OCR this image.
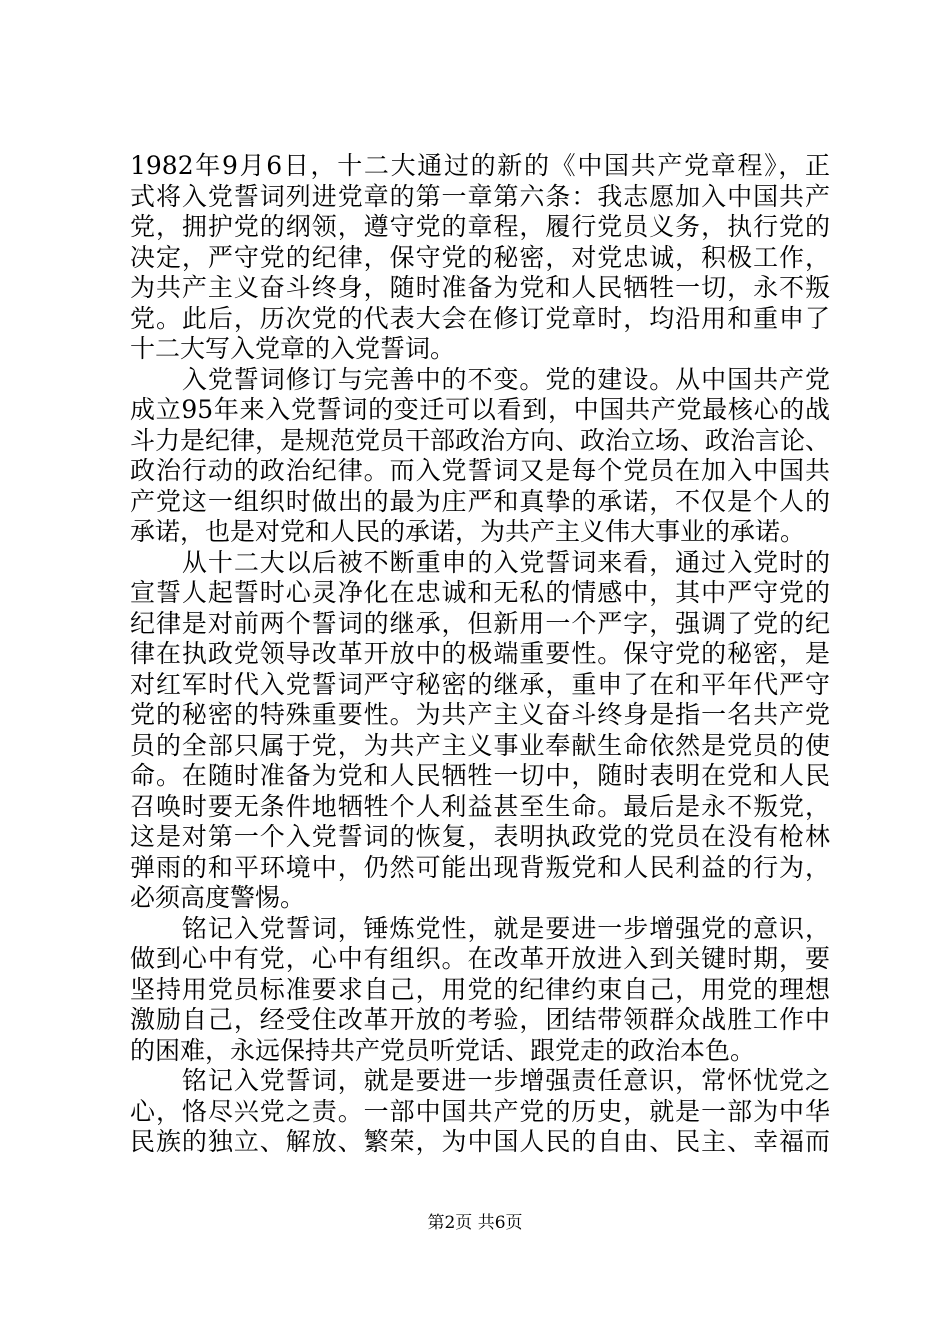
1982年9月6日，十二大通过的新的《中国共产党章程》，正
式将入党誓词列进党章的第一章第六条：我志愿加入中国共产
党，拥护党的纲领，遵守党的章程，履行党员义务，执行党的
决定，严守党的纪律，保守党的秘密，对党忠诚，积极工作，
为共产主义奋斗终身，随时准备为党和人民牺牲一切，永不叛
党。此后，历次党的代表大会在修订党章时，均沿用和重申了
十二大写入党章的入党誓词。
　　入党誓词修订与完善中的不变。党的建设。从中国共产党
成立95年来入党誓词的变迁可以看到，中国共产党最核心的战
斗力是纪律，是规范党员干部政治方向、政治立场、政治言论、
政治行动的政治纪律。而入党誓词又是每个党员在加入中国共
产党这一组织时做出的最为庄严和真挚的承诺，不仅是个人的
承诺，也是对党和人民的承诺，为共产主义伟大事业的承诺。
　　从十二大以后被不断重申的入党誓词来看，通过入党时的
宣誓人起誓时心灵净化在忠诚和无私的情感中，其中严守党的
纪律是对前两个誓词的继承，但新用一个严字，强调了党的纪
律在执政党领导改革开放中的极端重要性。保守党的秘密，是
对红军时代入党誓词严守秘密的继承，重申了在和平年代严守
党的秘密的特殊重要性。为共产主义奋斗终身是指一名共产党
员的全部只属于党，为共产主义事业奉献生命依然是党员的使
命。在随时准备为党和人民牺牲一切中，随时表明在党和人民
召唤时要无条件地牺牲个人利益甚至生命。最后是永不叛党，
这是对第一个入党誓词的恢复，表明执政党的党员在没有枪林
弹雨的和平环境中，仍然可能出现背叛党和人民利益的行为，
必须高度警惕。
　　铭记入党誓词，锤炼党性，就是要进一步增强党的意识，
做到心中有党，心中有组织。在改革开放进入到关键时期，要
坚持用党员标准要求自己，用党的纪律约束自己，用党的理想
激励自己，经受住改革开放的考验，团结带领群众战胜工作中
的困难，永远保持共产党员听党话、跟党走的政治本色。
　　铭记入党誓词，就是要进一步增强责任意识，常怀忧党之
心，恪尽兴党之责。一部中国共产党的历史，就是一部为中华
民族的独立、解放、繁荣，为中国人民的自由、民主、幸福而
第2页 共6页
